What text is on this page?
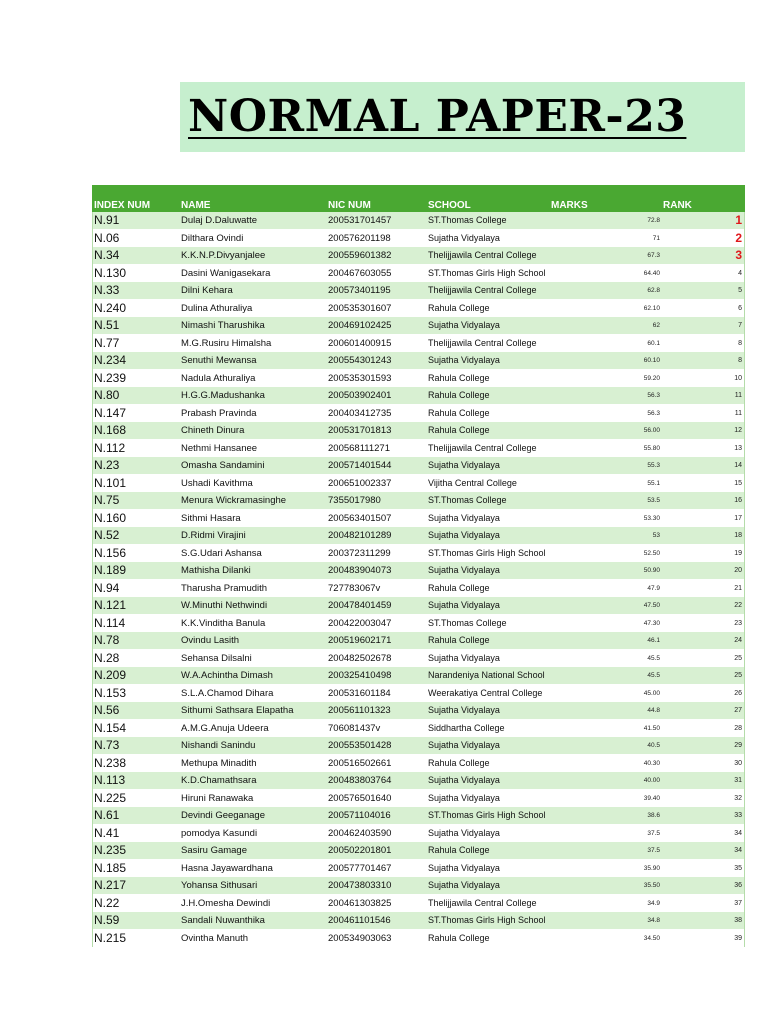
NORMAL PAPER-23
INDEX NUM	NAME	NIC NUM	SCHOOL	MARKS	RANK
N.91	Dulaj D.Daluwatte	200531701457	ST.Thomas College	72.8	1
N.06	Dilthara Ovindi	200576201198	Sujatha Vidyalaya	71	2
N.34	K.K.N.P.Divyanjalee	200559601382	Thelijjawila Central College	67.3	3
N.130	Dasini Wanigasekara	200467603055	ST.Thomas Girls High School	64.40	4
N.33	Dilni Kehara	200573401195	Thelijjawila Central College	62.8	5
N.240	Dulina Athuraliya	200535301607	Rahula College	62.10	6
N.51	Nimashi Tharushika	200469102425	Sujatha Vidyalaya	62	7
N.77	M.G.Rusiru Himalsha	200601400915	Thelijjawila Central College	60.1	8
N.234	Senuthi Mewansa	200554301243	Sujatha Vidyalaya	60.10	8
N.239	Nadula Athuraliya	200535301593	Rahula College	59.20	10
N.80	H.G.G.Madushanka	200503902401	Rahula College	56.3	11
N.147	Prabash Pravinda	200403412735	Rahula College	56.3	11
N.168	Chineth Dinura	200531701813	Rahula College	56.00	12
N.112	Nethmi Hansanee	200568111271	Thelijjawila Central College	55.80	13
N.23	Omasha Sandamini	200571401544	Sujatha Vidyalaya	55.3	14
N.101	Ushadi Kavithma	200651002337	Vijitha Central College	55.1	15
N.75	Menura Wickramasinghe	7355017980	ST.Thomas College	53.5	16
N.160	Sithmi Hasara	200563401507	Sujatha Vidyalaya	53.30	17
N.52	D.Ridmi Virajini	200482101289	Sujatha Vidyalaya	53	18
N.156	S.G.Udari Ashansa	200372311299	ST.Thomas Girls High School	52.50	19
N.189	Mathisha Dilanki	200483904073	Sujatha Vidyalaya	50.90	20
N.94	Tharusha Pramudith	727783067v	Rahula College	47.9	21
N.121	W.Minuthi Nethwindi	200478401459	Sujatha Vidyalaya	47.50	22
N.114	K.K.Vinditha Banula	200422003047	ST.Thomas College	47.30	23
N.78	Ovindu Lasith	200519602171	Rahula College	46.1	24
N.28	Sehansa Dilsalni	200482502678	Sujatha Vidyalaya	45.5	25
N.209	W.A.Achintha Dimash	200325410498	Narandeniya National School	45.5	25
N.153	S.L.A.Chamod Dihara	200531601184	Weerakatiya Central College	45.00	26
N.56	Sithumi Sathsara Elapatha	200561101323	Sujatha Vidyalaya	44.8	27
N.154	A.M.G.Anuja Udeera	706081437v	Siddhartha College	41.50	28
N.73	Nishandi Sanindu	200553501428	Sujatha Vidyalaya	40.5	29
N.238	Methupa Minadith	200516502661	Rahula College	40.30	30
N.113	K.D.Chamathsara	200483803764	Sujatha Vidyalaya	40.00	31
N.225	Hiruni Ranawaka	200576501640	Sujatha Vidyalaya	39.40	32
N.61	Devindi Geeganage	200571104016	ST.Thomas Girls High School	38.6	33
N.41	pomodya Kasundi	200462403590	Sujatha Vidyalaya	37.5	34
N.235	Sasiru Gamage	200502201801	Rahula College	37.5	34
N.185	Hasna Jayawardhana	200577701467	Sujatha Vidyalaya	35.90	35
N.217	Yohansa Sithusari	200473803310	Sujatha Vidyalaya	35.50	36
N.22	J.H.Omesha Dewindi	200461303825	Thelijjawila Central College	34.9	37
N.59	Sandali Nuwanthika	200461101546	ST.Thomas Girls High School	34.8	38
N.215	Ovintha Manuth	200534903063	Rahula College	34.50	39
